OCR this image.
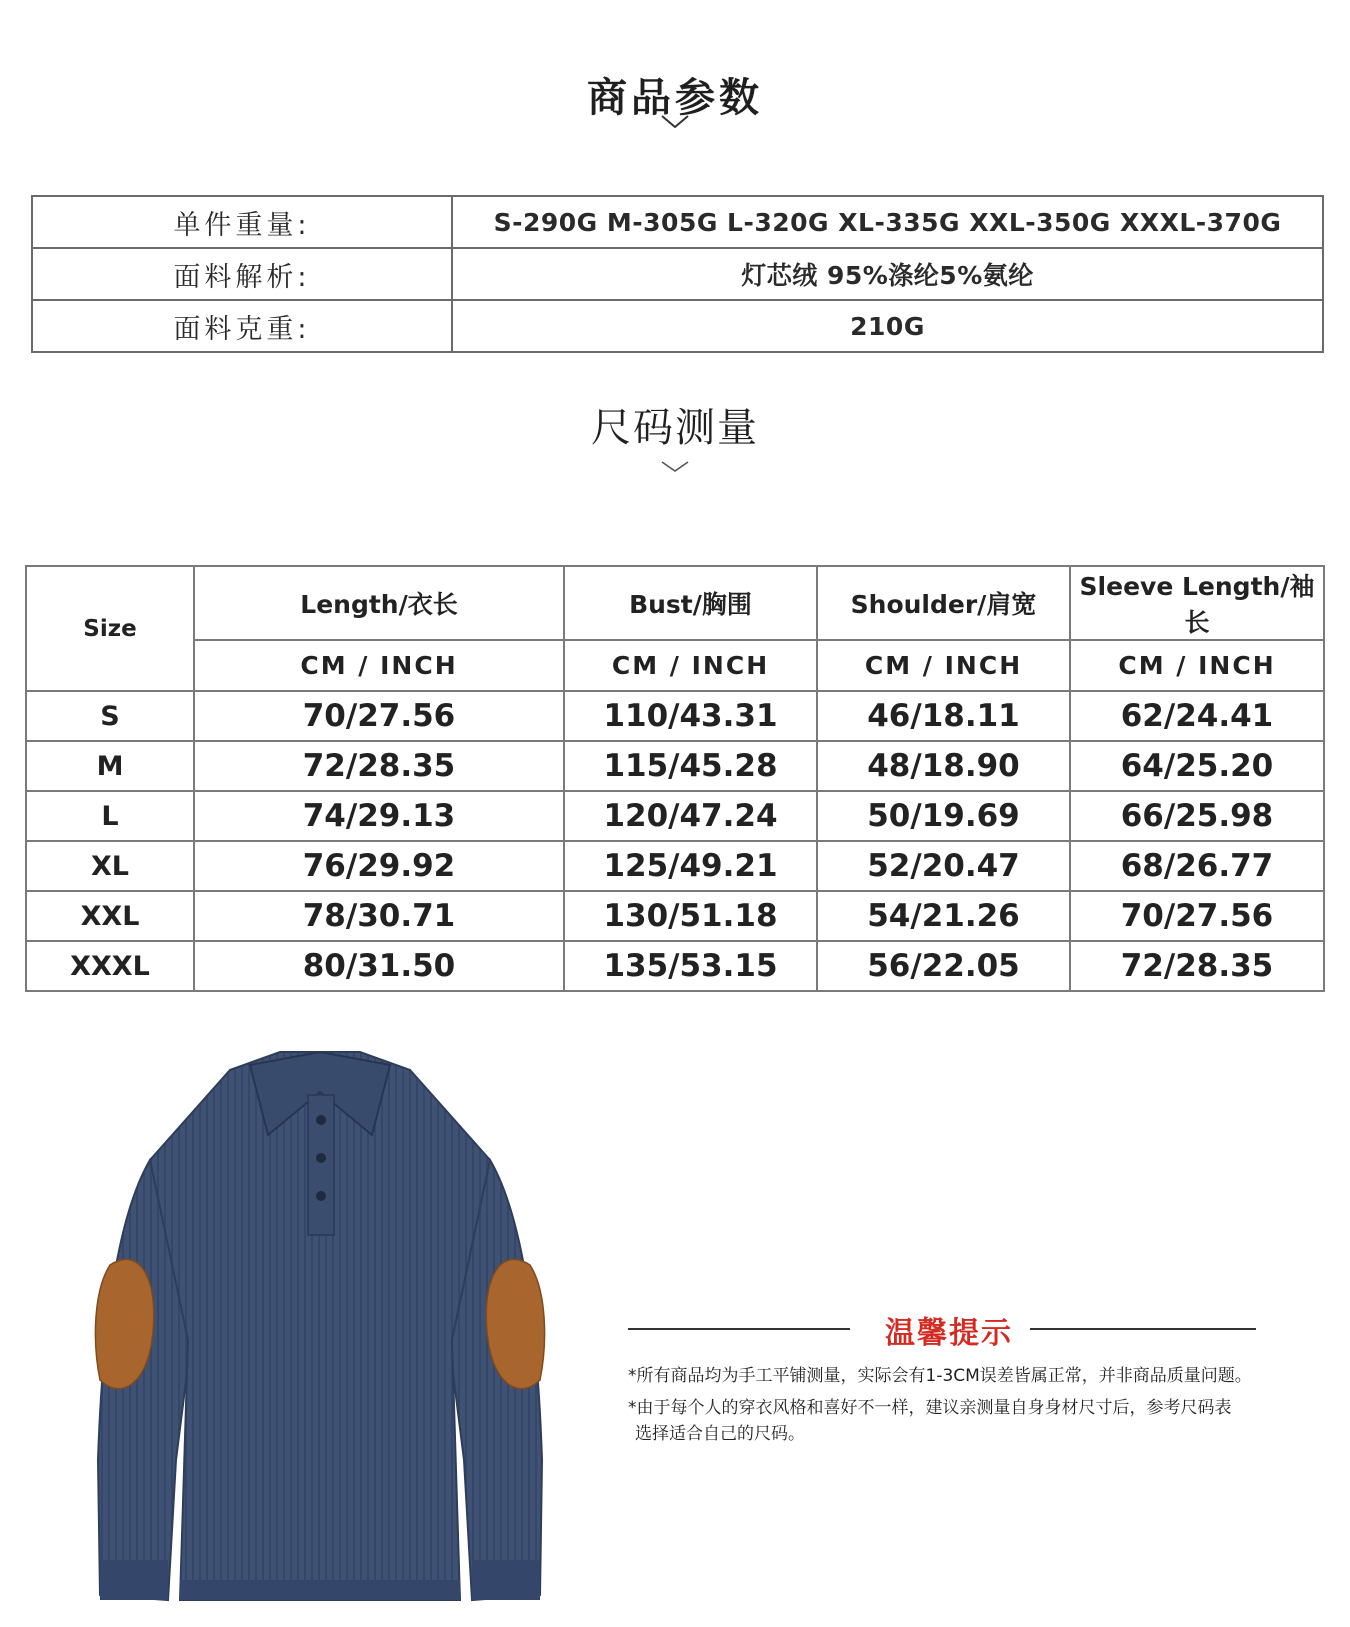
商品参数
单件重量:	S-290G M-305G L-320G XL-335G XXL-350G XXXL-370G
面料解析:	灯芯绒 95%涤纶5%氨纶
面料克重:	210G
尺码测量
Size	Length/衣长	Bust/胸围	Shoulder/肩宽	Sleeve Length/袖长
	CM / INCH	CM / INCH	CM / INCH	CM / INCH
S	70/27.56	110/43.31	46/18.11	62/24.41
M	72/28.35	115/45.28	48/18.90	64/25.20
L	74/29.13	120/47.24	50/19.69	66/25.98
XL	76/29.92	125/49.21	52/20.47	68/26.77
XXL	78/30.71	130/51.18	54/21.26	70/27.56
XXXL	80/31.50	135/53.15	56/22.05	72/28.35
温馨提示
*所有商品均为手工平铺测量，实际会有1-3CM误差皆属正常，并非商品质量问题。
*由于每个人的穿衣风格和喜好不一样，建议亲测量自身身材尺寸后，参考尺码表
选择适合自己的尺码。
